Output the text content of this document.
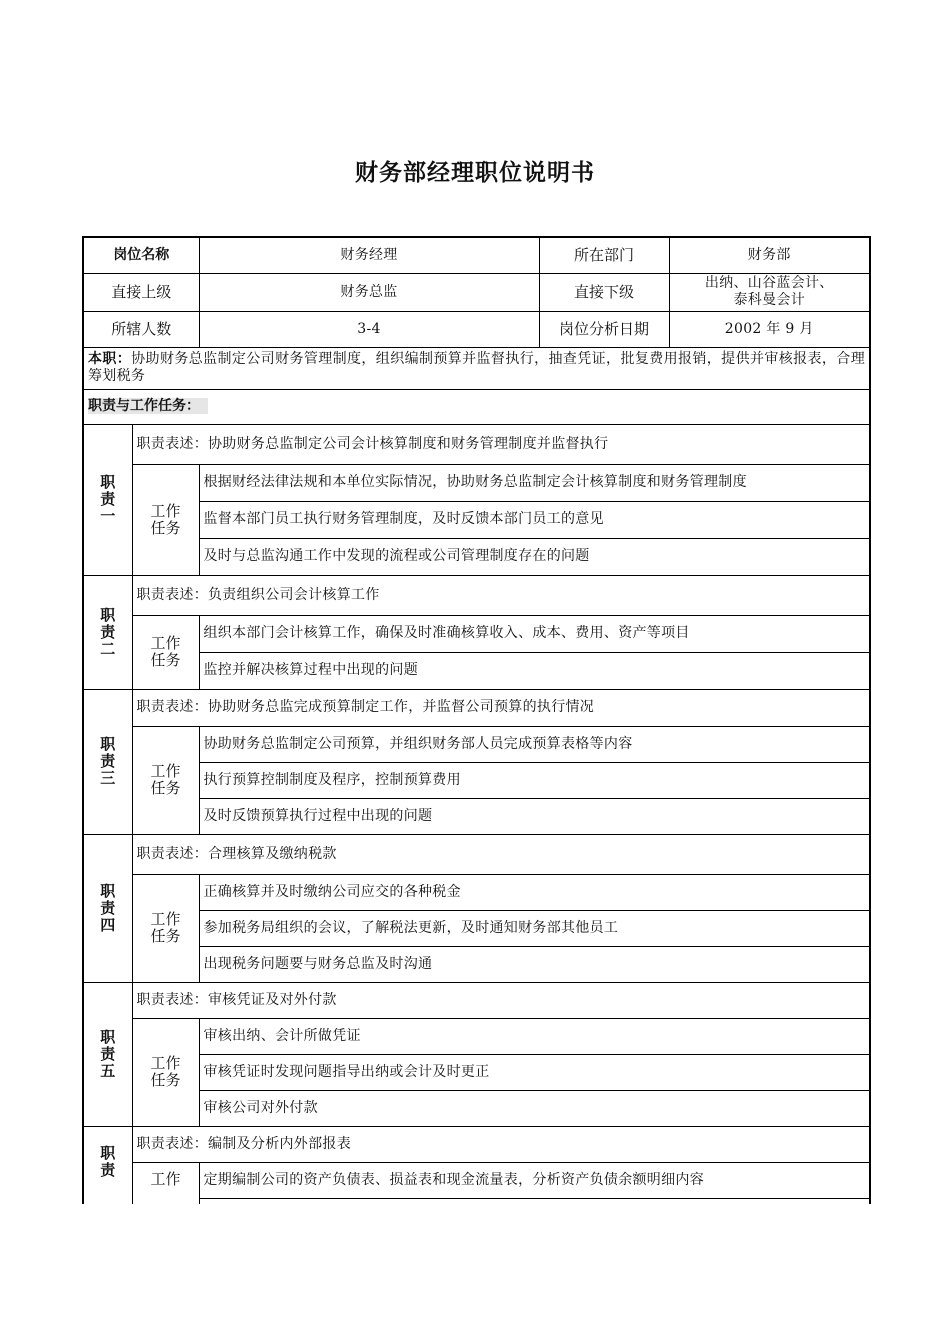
财务部经理职位说明书
岗位名称		财务经理	所在部门	财务部
直接上级		财务总监	直接下级	出纳、山谷蓝会计、
泰科曼会计

所辖人数		3-4	岗位分析日期	2002 年 9 月
本职：协助财务总监制定公司财务管理制度，组织编制预算并监督执行，抽查凭证，批复费用报销，提供并审核报表，合理筹划税务				
职责与工作任务：				

职
责
一	职责表述：协助财务总监制定公司会计核算制度和财务管理制度并监督执行			

	工作
任务	根据财经法律法规和本单位实际情况，协助财务总监制定会计核算制度和财务管理制度		
		监督本部门员工执行财务管理制度，及时反馈本部门员工的意见		
		及时与总监沟通工作中发现的流程或公司管理制度存在的问题		

职
责
二	职责表述：负责组织公司会计核算工作			

	工作
任务	组织本部门会计核算工作，确保及时准确核算收入、成本、费用、资产等项目		
		监控并解决核算过程中出现的问题		

职
责
三	职责表述：协助财务总监完成预算制定工作，并监督公司预算的执行情况			

	工作
任务	协助财务总监制定公司预算，并组织财务部人员完成预算表格等内容		
		执行预算控制制度及程序，控制预算费用		
		及时反馈预算执行过程中出现的问题		

职
责
四	职责表述：合理核算及缴纳税款			

	工作
任务	正确核算并及时缴纳公司应交的各种税金		
		参加税务局组织的会议，了解税法更新，及时通知财务部其他员工		
		出现税务问题要与财务总监及时沟通		

职
责
五	职责表述：审核凭证及对外付款			

	工作
任务	审核出纳、会计所做凭证		
		审核凭证时发现问题指导出纳或会计及时更正		
		审核公司对外付款		

职
责	职责表述：编制及分析内外部报表			

	工作	定期编制公司的资产负债表、损益表和现金流量表，分析资产负债余额明细内容		
